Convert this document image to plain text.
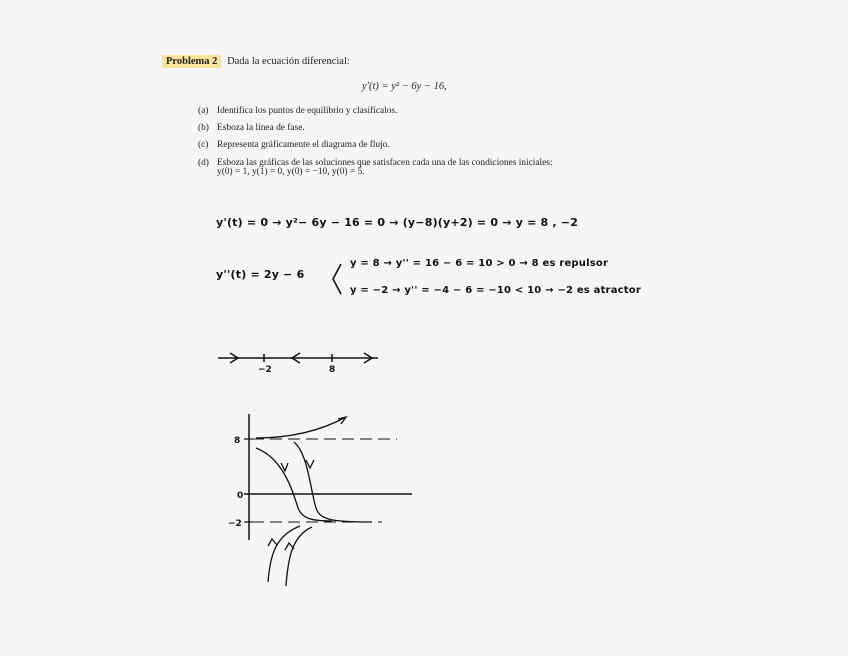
Problema 2 Dada la ecuación diferencial:
y′(t) = y² − 6y − 16,
(a) Identifica los puntos de equilibrio y clasifícalos.
(b) Esboza la línea de fase.
(c) Representa gráficamente el diagrama de flujo.
(d) Esboza las gráficas de las soluciones que satisfacen cada una de las condiciones iniciales:
y(0) = 1, y(1) = 0, y(0) = −10, y(0) = 5.
y'(t) = 0 → y²− 6y − 16 = 0 → (y−8)(y+2) = 0 → y = 8 , −2
y''(t) = 2y − 6
y = 8 → y'' = 16 − 6 = 10 > 0 → 8 es repulsor
y = −2 → y'' = −4 − 6 = −10 < 10 → −2 es atractor
−2	8
8
0
−2
